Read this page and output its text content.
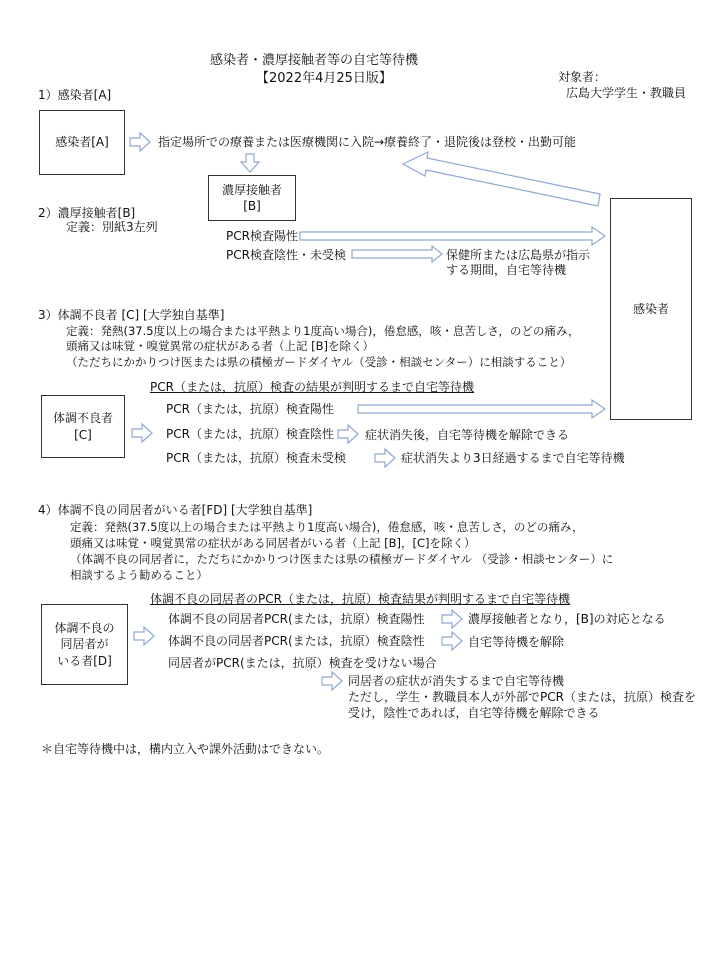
感染者・濃厚接触者等の自宅等待機
【2022年4月25日版】	対象者：
広島大学学生・教職員
1）感染者[A]
感染者[A]	指定場所での療養または医療機関に入院→療養終了・退院後は登校・出勤可能
濃厚接触者
[B]
2）濃厚接触者[B]
定義：別紙3左列
PCR検査陽性
PCR検査陰性・未受検	保健所または広島県が指示
する期間，自宅等待機
感染者
3）体調不良者 [C] [大学独自基準]
定義：発熱(37.5度以上の場合または平熱より1度高い場合)，倦怠感，咳・息苦しさ，のどの痛み，
頭痛又は味覚・嗅覚異常の症状がある者（上記 [B]を除く）
（ただちにかかりつけ医または県の積極ガードダイヤル（受診・相談センター）に相談すること）
PCR（または，抗原）検査の結果が判明するまで自宅等待機
体調不良者
[C]
PCR（または，抗原）検査陽性
PCR（または，抗原）検査陰性	症状消失後，自宅等待機を解除できる
PCR（または，抗原）検査未受検	症状消失より3日経過するまで自宅等待機
4）体調不良の同居者がいる者[FD] [大学独自基準]
定義：発熱(37.5度以上の場合または平熱より1度高い場合)，倦怠感，咳・息苦しさ，のどの痛み，
頭痛又は味覚・嗅覚異常の症状がある同居者がいる者（上記 [B]，[C]を除く）
（体調不良の同居者に，ただちにかかりつけ医または県の積極ガードダイヤル （受診・相談センター）に
相談するよう勧めること）
体調不良の同居者のPCR（または，抗原）検査結果が判明するまで自宅等待機
体調不良の
同居者が
いる者[D]
体調不良の同居者PCR(または，抗原）検査陽性	濃厚接触者となり，[B]の対応となる
体調不良の同居者PCR(または，抗原）検査陰性	自宅等待機を解除
同居者がPCR(または，抗原）検査を受けない場合
同居者の症状が消失するまで自宅等待機
ただし，学生・教職員本人が外部でPCR（または，抗原）検査を
受け，陰性であれば，自宅等待機を解除できる
＊自宅等待機中は，構内立入や課外活動はできない。
